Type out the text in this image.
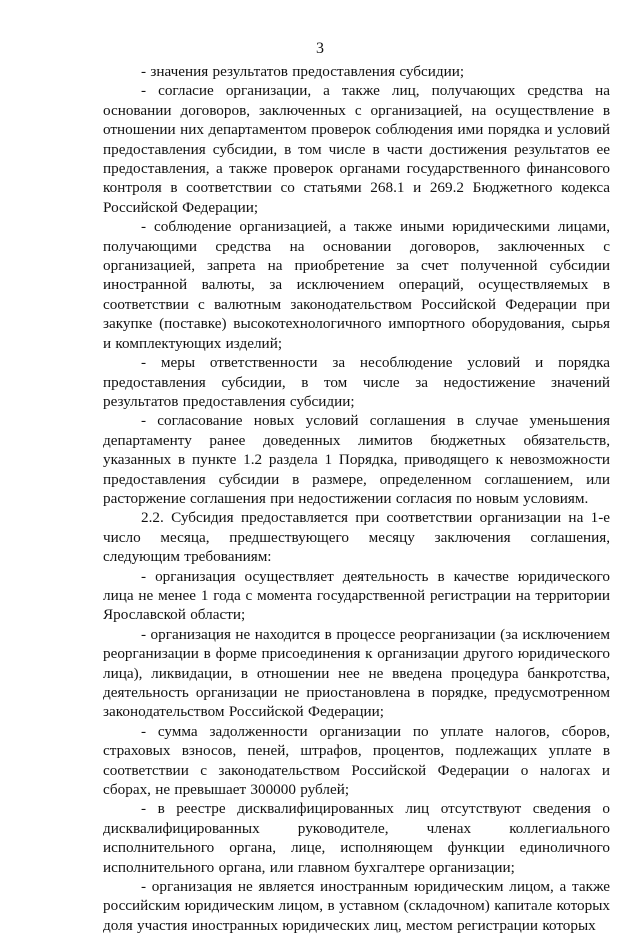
3

- значения результатов предоставления субсидии;

- согласие организации, а также лиц, получающих средства на основании договоров, заключенных с организацией, на осуществление в отношении них департаментом проверок соблюдения ими порядка и условий предоставления субсидии, в том числе в части достижения результатов ее предоставления, а также проверок органами государственного финансового контроля в соответствии со статьями 268.1 и 269.2 Бюджетного кодекса Российской Федерации;

- соблюдение организацией, а также иными юридическими лицами, получающими средства на основании договоров, заключенных с организацией, запрета на приобретение за счет полученной субсидии иностранной валюты, за исключением операций, осуществляемых в соответствии с валютным законодательством Российской Федерации при закупке (поставке) высокотехнологичного импортного оборудования, сырья и комплектующих изделий;

- меры ответственности за несоблюдение условий и порядка предоставления субсидии, в том числе за недостижение значений результатов предоставления субсидии;

- согласование новых условий соглашения в случае уменьшения департаменту ранее доведенных лимитов бюджетных обязательств, указанных в пункте 1.2 раздела 1 Порядка, приводящего к невозможности предоставления субсидии в размере, определенном соглашением, или расторжение соглашения при недостижении согласия по новым условиям.

2.2. Субсидия предоставляется при соответствии организации на 1-е число месяца, предшествующего месяцу заключения соглашения, следующим требованиям:

- организация осуществляет деятельность в качестве юридического лица не менее 1 года с момента государственной регистрации на территории Ярославской области;

- организация не находится в процессе реорганизации (за исключением реорганизации в форме присоединения к организации другого юридического лица), ликвидации, в отношении нее не введена процедура банкротства, деятельность организации не приостановлена в порядке, предусмотренном законодательством Российской Федерации;

- сумма задолженности организации по уплате налогов, сборов, страховых взносов, пеней, штрафов, процентов, подлежащих уплате в соответствии с законодательством Российской Федерации о налогах и сборах, не превышает 300000 рублей;

- в реестре дисквалифицированных лиц отсутствуют сведения о дисквалифицированных руководителе, членах коллегиального исполнительного органа, лице, исполняющем функции единоличного исполнительного органа, или главном бухгалтере организации;

- организация не является иностранным юридическим лицом, а также российским юридическим лицом, в уставном (складочном) капитале которых доля участия иностранных юридических лиц, местом регистрации которых
